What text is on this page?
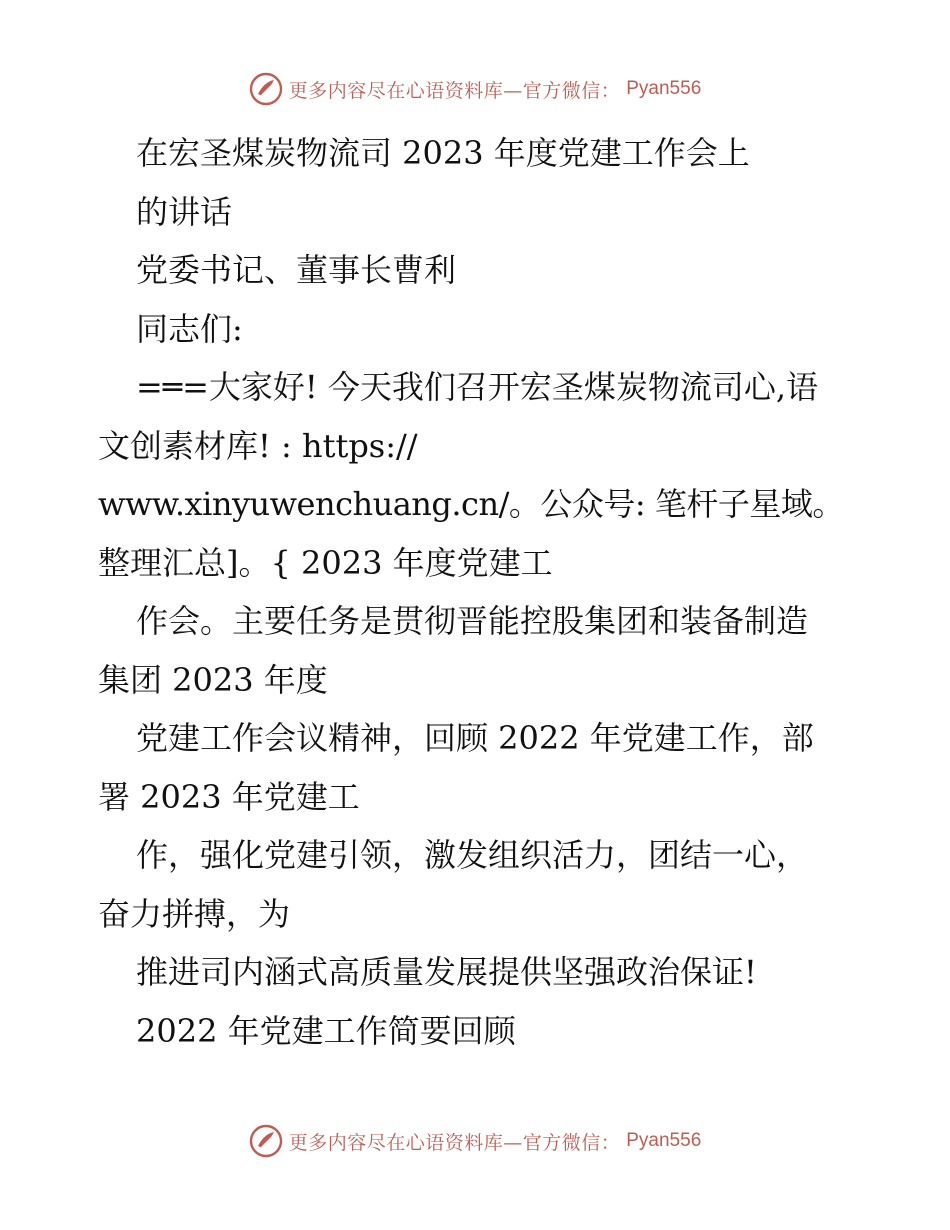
更多内容尽在心语资料库—官方微信： Pyan556
在宏圣煤炭物流司 2023 年度党建工作会上
的讲话
党委书记、董事长曹利
同志们:
=═=大家好! 今天我们召开宏圣煤炭物流司心,语
文创素材库! : https://
www.xinyuwenchuang.cn/。公众号: 笔杆子星域。
整理汇总]。{ 2023 年度党建工
作会。主要任务是贯彻晋能控股集团和装备制造
集团 2023 年度
党建工作会议精神，回顾 2022 年党建工作，部
署 2023 年党建工
作，强化党建引领，激发组织活力，团结一心，
奋力拼搏，为
推进司内涵式高质量发展提供坚强政治保证!
2022 年党建工作简要回顾
更多内容尽在心语资料库—官方微信： Pyan556
